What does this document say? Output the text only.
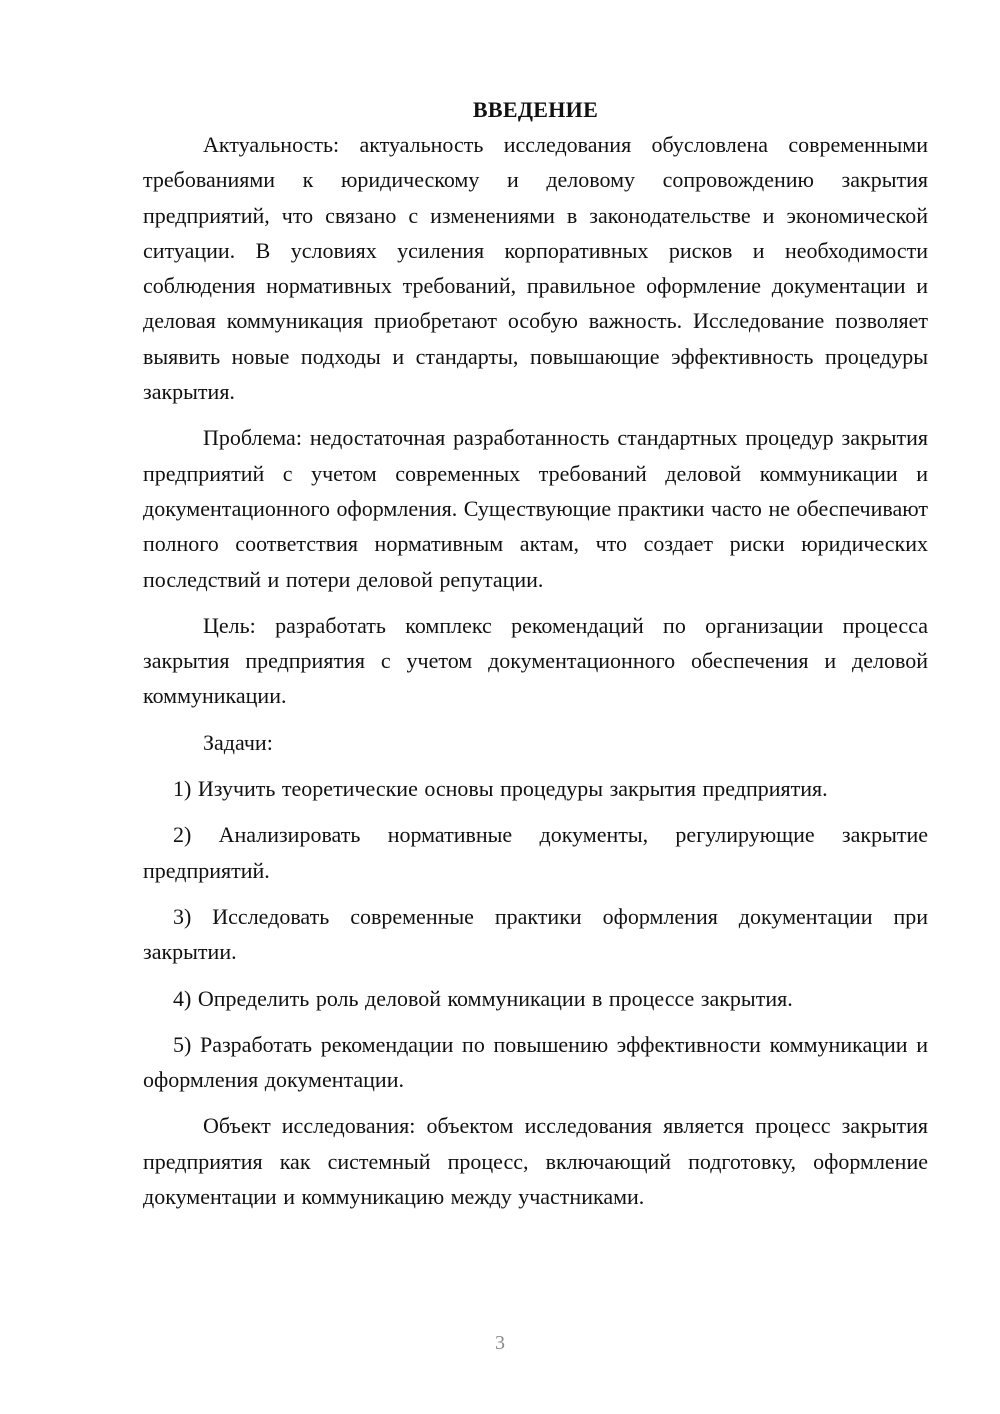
ВВЕДЕНИЕ

Актуальность: актуальность исследования обусловлена современными требованиями к юридическому и деловому сопровождению закрытия предприятий, что связано с изменениями в законодательстве и экономической ситуации. В условиях усиления корпоративных рисков и необходимости соблюдения нормативных требований, правильное оформление документации и деловая коммуникация приобретают особую важность. Исследование позволяет выявить новые подходы и стандарты, повышающие эффективность процедуры закрытия.

Проблема: недостаточная разработанность стандартных процедур закрытия предприятий с учетом современных требований деловой коммуникации и документационного оформления. Существующие практики часто не обеспечивают полного соответствия нормативным актам, что создает риски юридических последствий и потери деловой репутации.

Цель: разработать комплекс рекомендаций по организации процесса закрытия предприятия с учетом документационного обеспечения и деловой коммуникации.

Задачи:

1) Изучить теоретические основы процедуры закрытия предприятия.

2) Анализировать нормативные документы, регулирующие закрытие предприятий.

3) Исследовать современные практики оформления документации при закрытии.

4) Определить роль деловой коммуникации в процессе закрытия.

5) Разработать рекомендации по повышению эффективности коммуникации и оформления документации.

Объект исследования: объектом исследования является процесс закрытия предприятия как системный процесс, включающий подготовку, оформление документации и коммуникацию между участниками.

3
